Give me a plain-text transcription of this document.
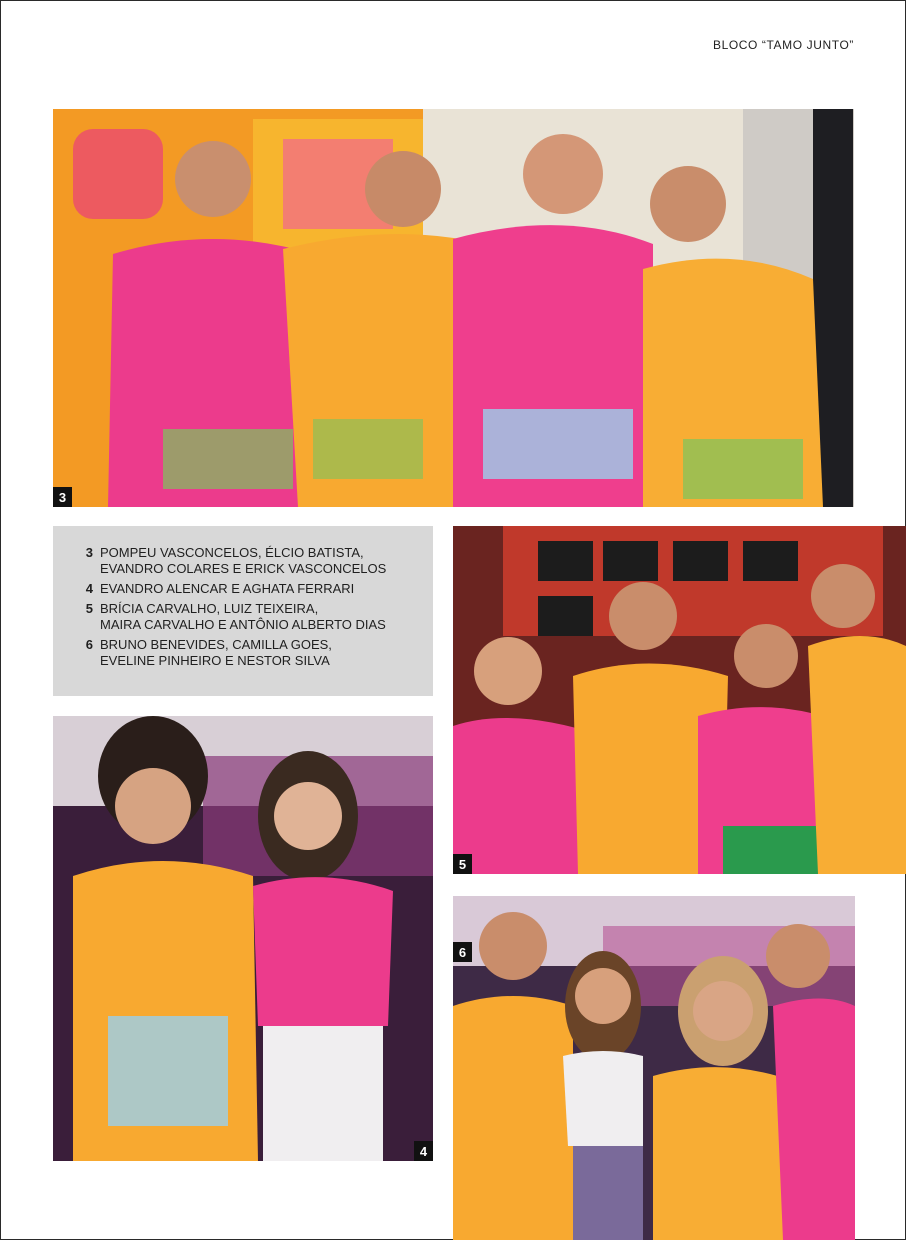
BLOCO “TAMO JUNTO”
3
3 POMPEU VASCONCELOS, ÉLCIO BATISTA,
EVANDRO COLARES E ERICK VASCONCELOS
4 EVANDRO ALENCAR E AGHATA FERRARI
5 BRÍCIA CARVALHO, LUIZ TEIXEIRA,
MAIRA CARVALHO E ANTÔNIO ALBERTO DIAS
6 BRUNO BENEVIDES, CAMILLA GOES,
EVELINE PINHEIRO E NESTOR SILVA
5
4
6
